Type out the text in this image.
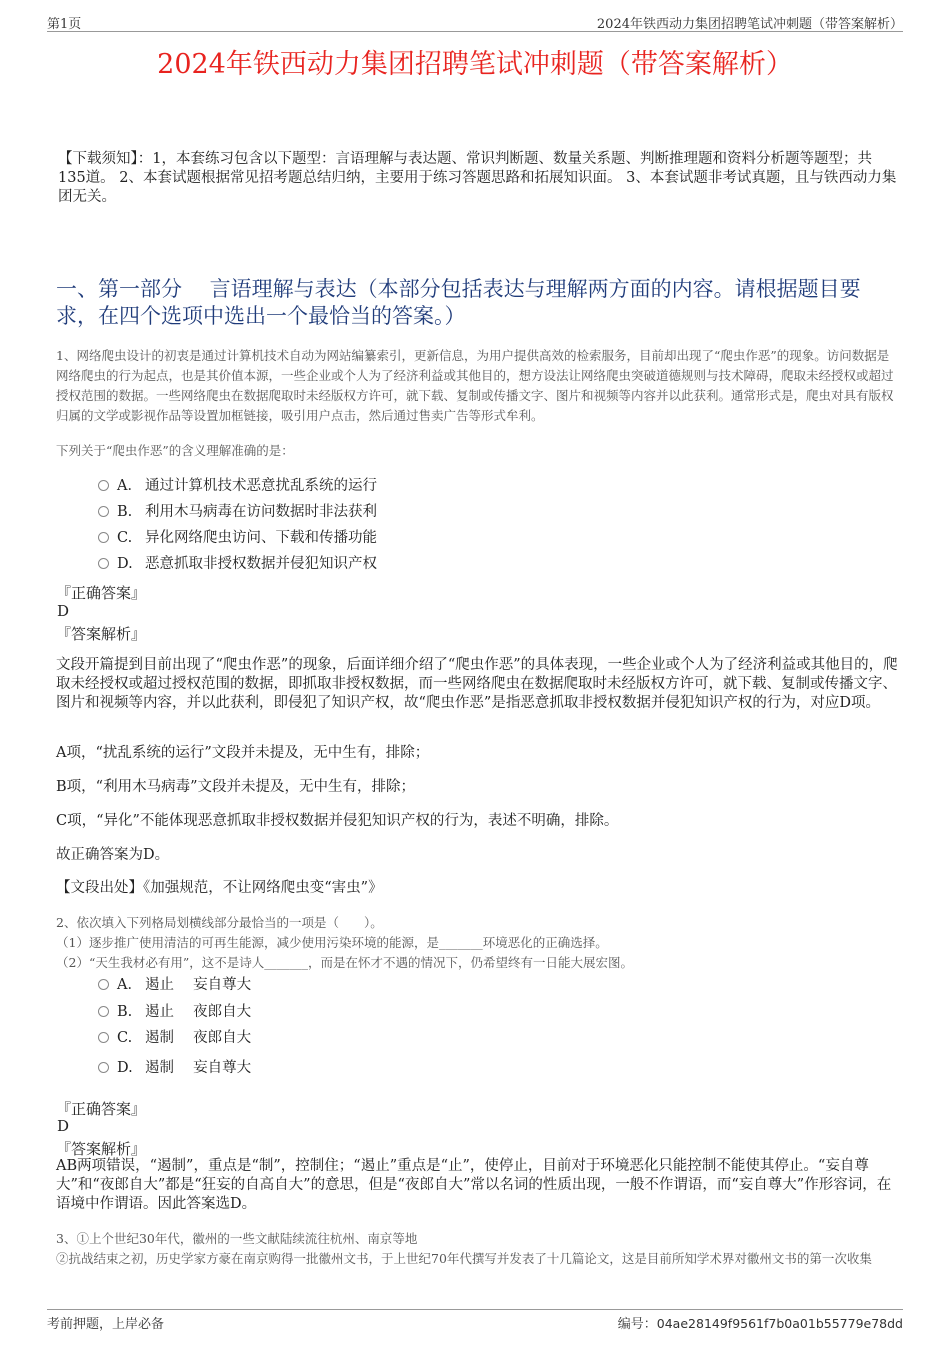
第1页	2024年铁西动力集团招聘笔试冲刺题（带答案解析）
2024年铁西动力集团招聘笔试冲刺题（带答案解析）
【下载须知】：1，本套练习包含以下题型：言语理解与表达题、常识判断题、数量关系题、判断推理题和资料分析题等题型；共135道。 2、本套试题根据常见招考题总结归纳，主要用于练习答题思路和拓展知识面。 3、本套试题非考试真题，且与铁西动力集团无关。
一、第一部分　 言语理解与表达（本部分包括表达与理解两方面的内容。请根据题目要求，在四个选项中选出一个最恰当的答案。）
1、网络爬虫设计的初衷是通过计算机技术自动为网站编纂索引，更新信息，为用户提供高效的检索服务，目前却出现了“爬虫作恶”的现象。访问数据是网络爬虫的行为起点，也是其价值本源，一些企业或个人为了经济利益或其他目的，想方设法让网络爬虫突破道德规则与技术障碍，爬取未经授权或超过授权范围的数据。一些网络爬虫在数据爬取时未经版权方许可，就下载、复制或传播文字、图片和视频等内容并以此获利。通常形式是，爬虫对具有版权归属的文学或影视作品等设置加框链接，吸引用户点击，然后通过售卖广告等形式牟利。
下列关于“爬虫作恶”的含义理解准确的是：
A． 通过计算机技术恶意扰乱系统的运行
B. 利用木马病毒在访问数据时非法获利
C. 异化网络爬虫访问、下载和传播功能
D. 恶意抓取非授权数据并侵犯知识产权
『正确答案』
D
『答案解析』
文段开篇提到目前出现了“爬虫作恶”的现象，后面详细介绍了“爬虫作恶”的具体表现，一些企业或个人为了经济利益或其他目的，爬取未经授权或超过授权范围的数据，即抓取非授权数据，而一些网络爬虫在数据爬取时未经版权方许可，就下载、复制或传播文字、图片和视频等内容，并以此获利，即侵犯了知识产权，故“爬虫作恶”是指恶意抓取非授权数据并侵犯知识产权的行为，对应D项。
A项，“扰乱系统的运行”文段并未提及，无中生有，排除；
B项，“利用木马病毒”文段并未提及，无中生有，排除；
C项，“异化”不能体现恶意抓取非授权数据并侵犯知识产权的行为，表述不明确，排除。
故正确答案为D。
【文段出处】《加强规范，不让网络爬虫变“害虫”》
2、依次填入下列格局划横线部分最恰当的一项是（　　）。
（1）逐步推广使用清洁的可再生能源，减少使用污染环境的能源，是_______环境恶化的正确选择。
（2）“天生我材必有用”，这不是诗人_______，而是在怀才不遇的情况下，仍希望终有一日能大展宏图。
A． 遏止　 妄自尊大
B. 遏止　 夜郎自大
C. 遏制　 夜郎自大
D. 遏制　 妄自尊大
『正确答案』
D
『答案解析』
AB两项错误，“遏制”，重点是“制”，控制住；“遏止”重点是“止”，使停止，目前对于环境恶化只能控制不能使其停止。“妄自尊大”和“夜郎自大”都是“狂妄的自高自大”的意思，但是“夜郎自大”常以名词的性质出现，一般不作谓语，而“妄自尊大”作形容词，在语境中作谓语。因此答案选D。
3、①上个世纪30年代，徽州的一些文献陆续流往杭州、南京等地
②抗战结束之初，历史学家方豪在南京购得一批徽州文书，于上世纪70年代撰写并发表了十几篇论文，这是目前所知学术界对徽州文书的第一次收集
考前押题，上岸必备	编号：04ae28149f9561f7b0a01b55779e78dd
